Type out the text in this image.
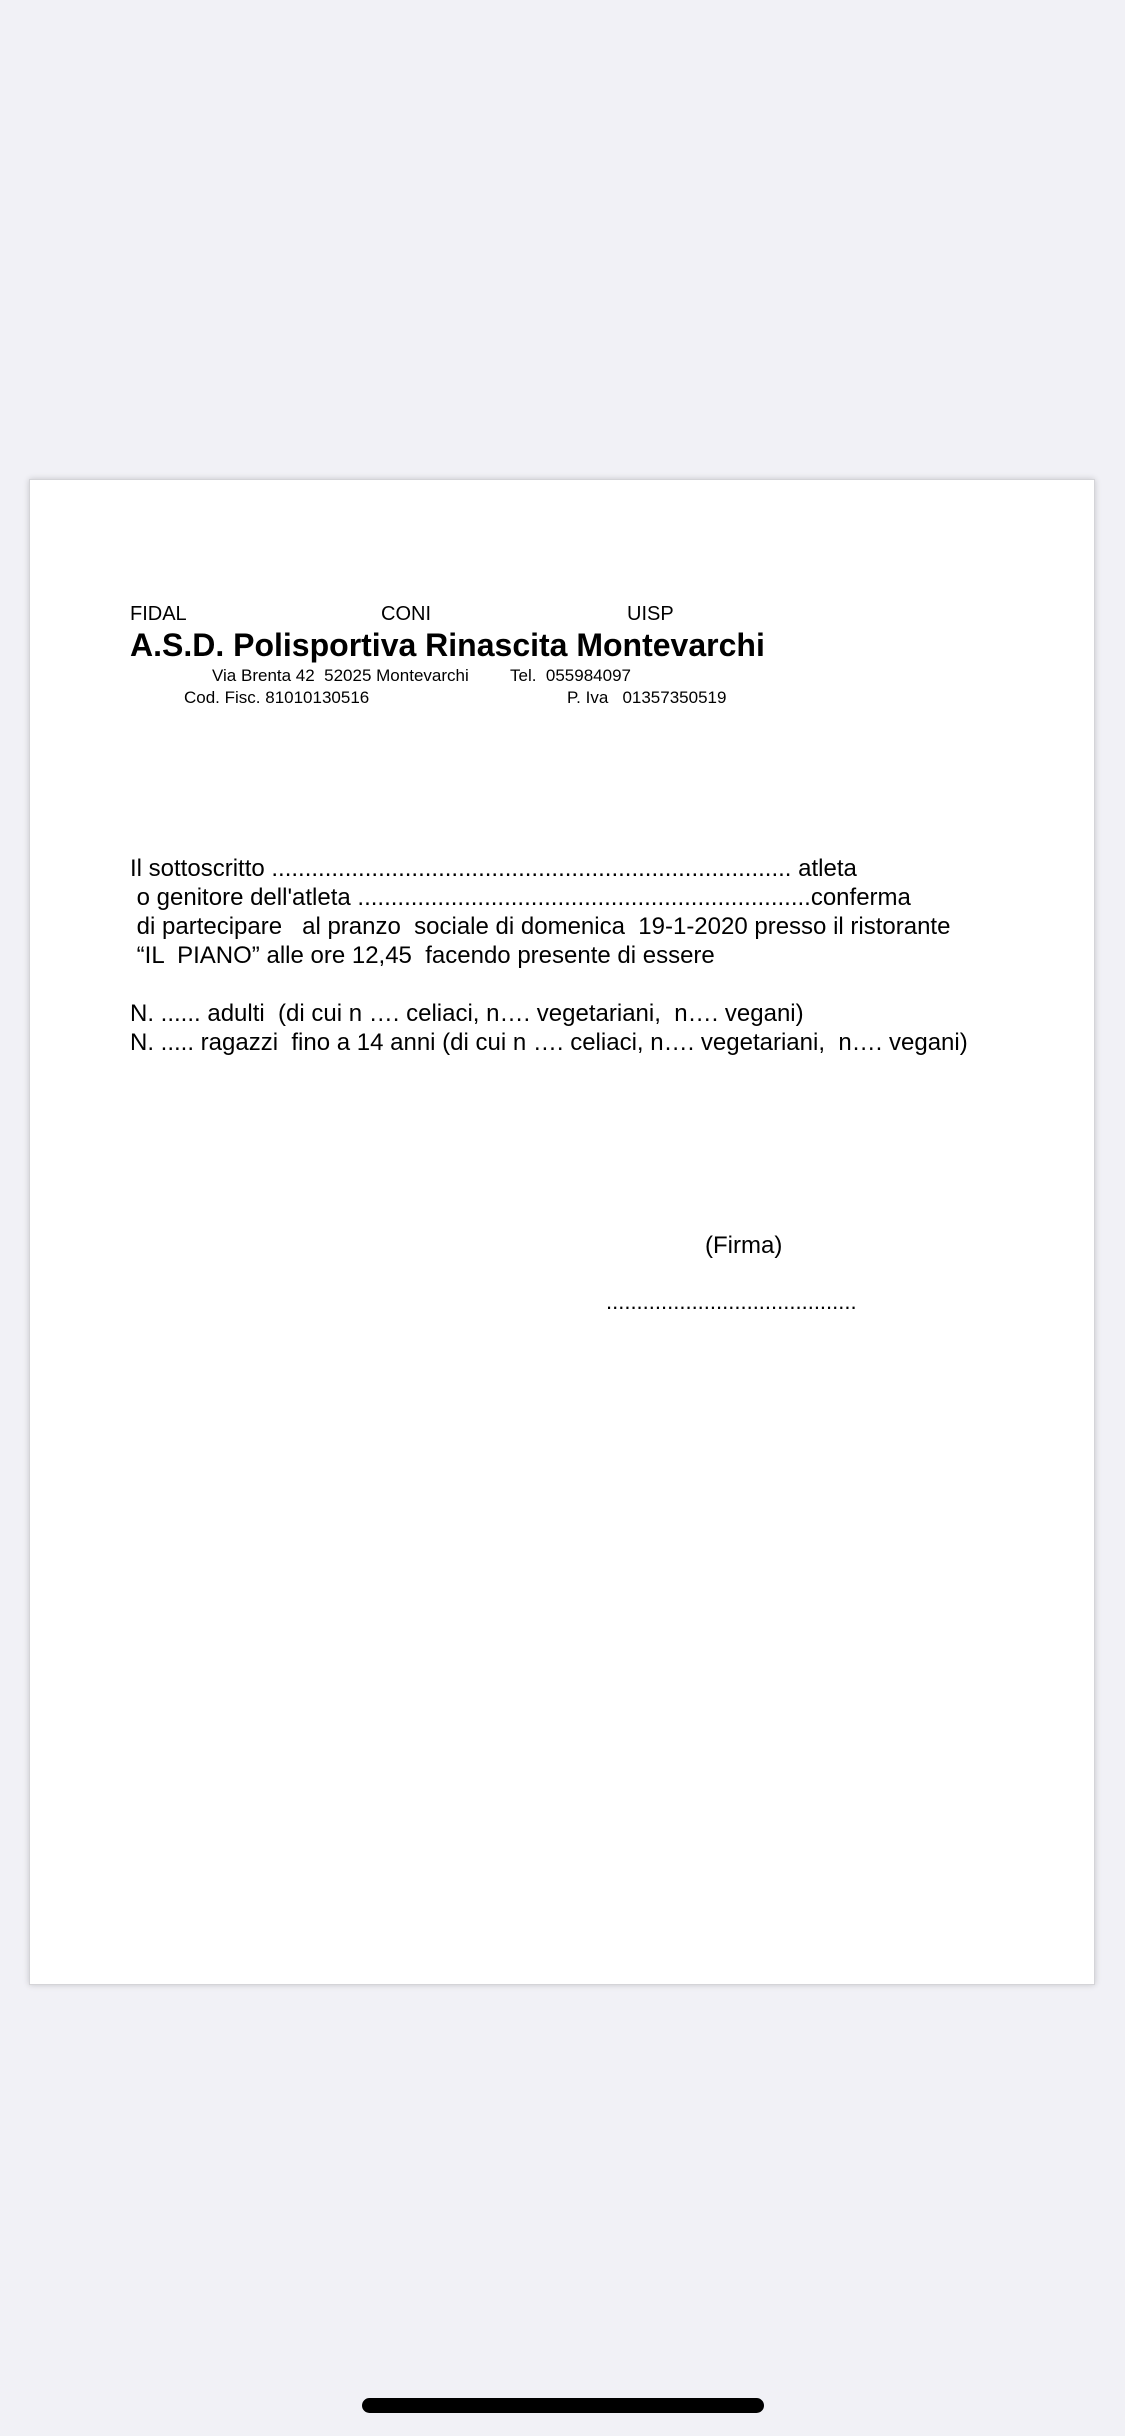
FIDAL	CONI	UISP
A.S.D. Polisportiva Rinascita Montevarchi
Via Brenta 42  52025 Montevarchi Tel.  055984097
Cod. Fisc. 81010130516	P. Iva   01357350519
Il sottoscritto .............................................................................. atleta
o genitore dell'atleta ....................................................................conferma
di partecipare   al pranzo  sociale di domenica  19-1-2020 presso il ristorante
“IL  PIANO” alle ore 12,45  facendo presente di essere
N. ...... adulti  (di cui n …. celiaci, n…. vegetariani,  n…. vegani)
N. ..... ragazzi  fino a 14 anni (di cui n …. celiaci, n…. vegetariani,  n…. vegani)
(Firma)
.........................................
